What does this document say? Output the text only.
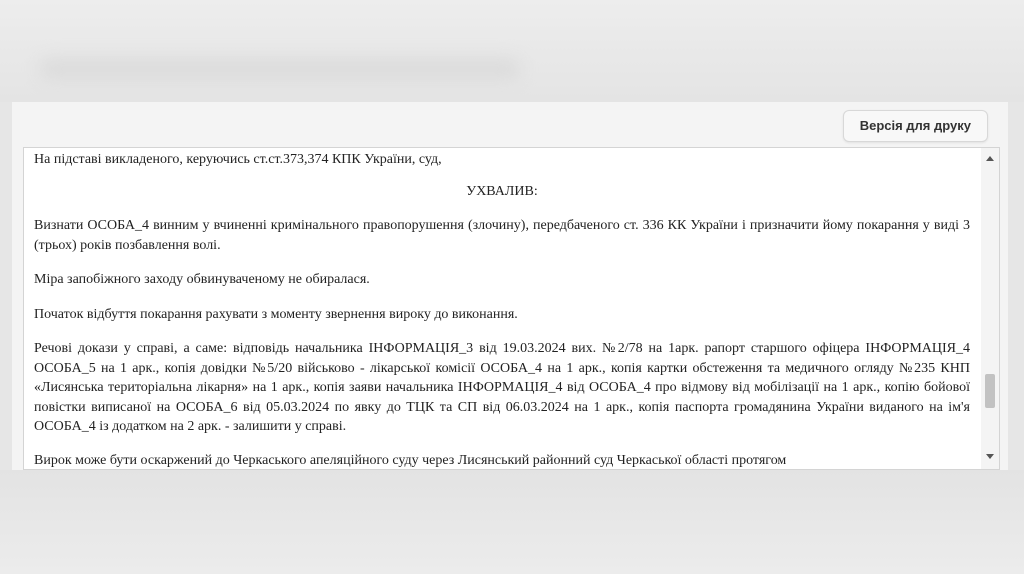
Версія для друку

На підставі викладеного, керуючись ст.ст.373,374 КПК України, суд,

УХВАЛИВ:

Визнати ОСОБА_4 винним у вчиненні кримінального правопорушення (злочину), передбаченого ст. 336 КК України і призначити йому покарання у виді 3 (трьох) років позбавлення волі.

Міра запобіжного заходу обвинуваченому не обиралася.

Початок відбуття покарання рахувати з моменту звернення вироку до виконання.

Речові докази у справі, а саме: відповідь начальника ІНФОРМАЦІЯ_3 від 19.03.2024 вих. №2/78 на 1арк. рапорт старшого офіцера ІНФОРМАЦІЯ_4 ОСОБА_5 на 1 арк., копія довідки №5/20 військово - лікарської комісії ОСОБА_4 на 1 арк., копія картки обстеження та медичного огляду №235 КНП «Лисянська територіальна лікарня» на 1 арк., копія заяви начальника ІНФОРМАЦІЯ_4 від ОСОБА_4 про відмову від мобілізації на 1 арк., копію бойової повістки виписаної на ОСОБА_6 від 05.03.2024 по явку до ТЦК та СП від 06.03.2024 на 1 арк., копія паспорта громадянина України виданого на ім'я ОСОБА_4 із додатком на 2 арк. - залишити у справі.

Вирок може бути оскаржений до Черкаського апеляційного суду через Лисянський районний суд Черкаської області протягом
